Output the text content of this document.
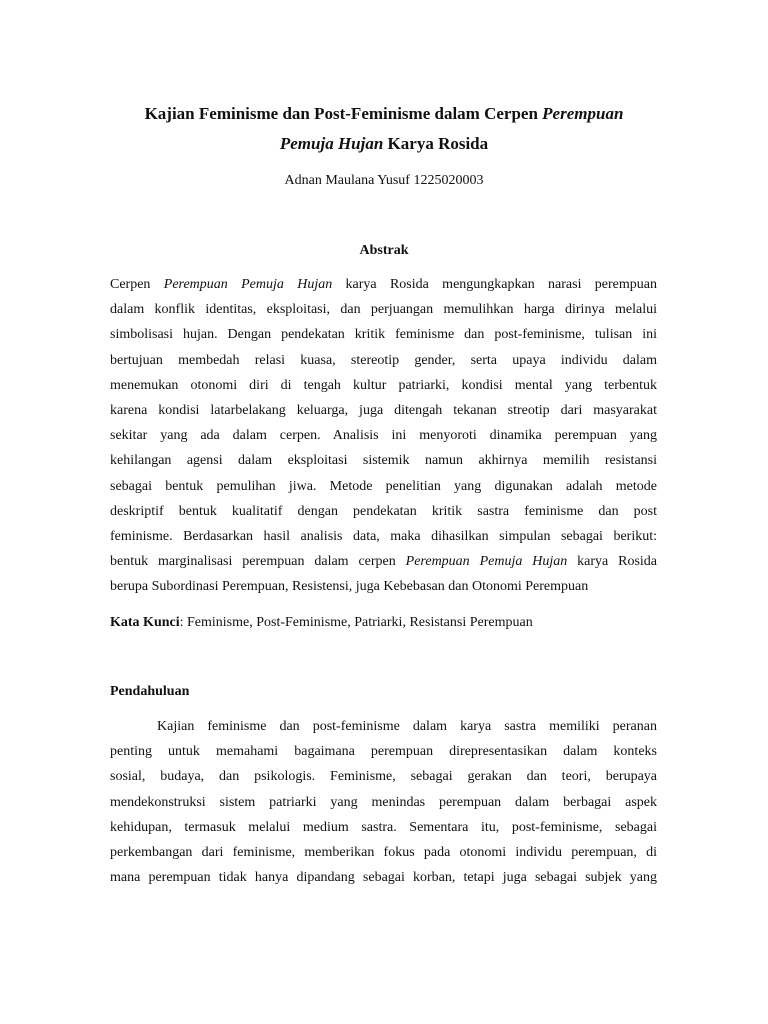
Kajian Feminisme dan Post-Feminisme dalam Cerpen Perempuan
Pemuja Hujan Karya Rosida
Adnan Maulana Yusuf 1225020003
Abstrak
Cerpen Perempuan Pemuja Hujan karya Rosida mengungkapkan narasi perempuan
dalam konflik identitas, eksploitasi, dan perjuangan memulihkan harga dirinya melalui
simbolisasi hujan. Dengan pendekatan kritik feminisme dan post-feminisme, tulisan ini
bertujuan membedah relasi kuasa, stereotip gender, serta upaya individu dalam
menemukan otonomi diri di tengah kultur patriarki, kondisi mental yang terbentuk
karena kondisi latarbelakang keluarga, juga ditengah tekanan streotip dari masyarakat
sekitar yang ada dalam cerpen. Analisis ini menyoroti dinamika perempuan yang
kehilangan agensi dalam eksploitasi sistemik namun akhirnya memilih resistansi
sebagai bentuk pemulihan jiwa. Metode penelitian yang digunakan adalah metode
deskriptif bentuk kualitatif dengan pendekatan kritik sastra feminisme dan post
feminisme. Berdasarkan hasil analisis data, maka dihasilkan simpulan sebagai berikut:
bentuk marginalisasi perempuan dalam cerpen Perempuan Pemuja Hujan karya Rosida
berupa Subordinasi Perempuan, Resistensi, juga Kebebasan dan Otonomi Perempuan
Kata Kunci: Feminisme, Post-Feminisme, Patriarki, Resistansi Perempuan
Pendahuluan
Kajian feminisme dan post-feminisme dalam karya sastra memiliki peranan
penting untuk memahami bagaimana perempuan direpresentasikan dalam konteks
sosial, budaya, dan psikologis. Feminisme, sebagai gerakan dan teori, berupaya
mendekonstruksi sistem patriarki yang menindas perempuan dalam berbagai aspek
kehidupan, termasuk melalui medium sastra. Sementara itu, post-feminisme, sebagai
perkembangan dari feminisme, memberikan fokus pada otonomi individu perempuan, di
mana perempuan tidak hanya dipandang sebagai korban, tetapi juga sebagai subjek yang
